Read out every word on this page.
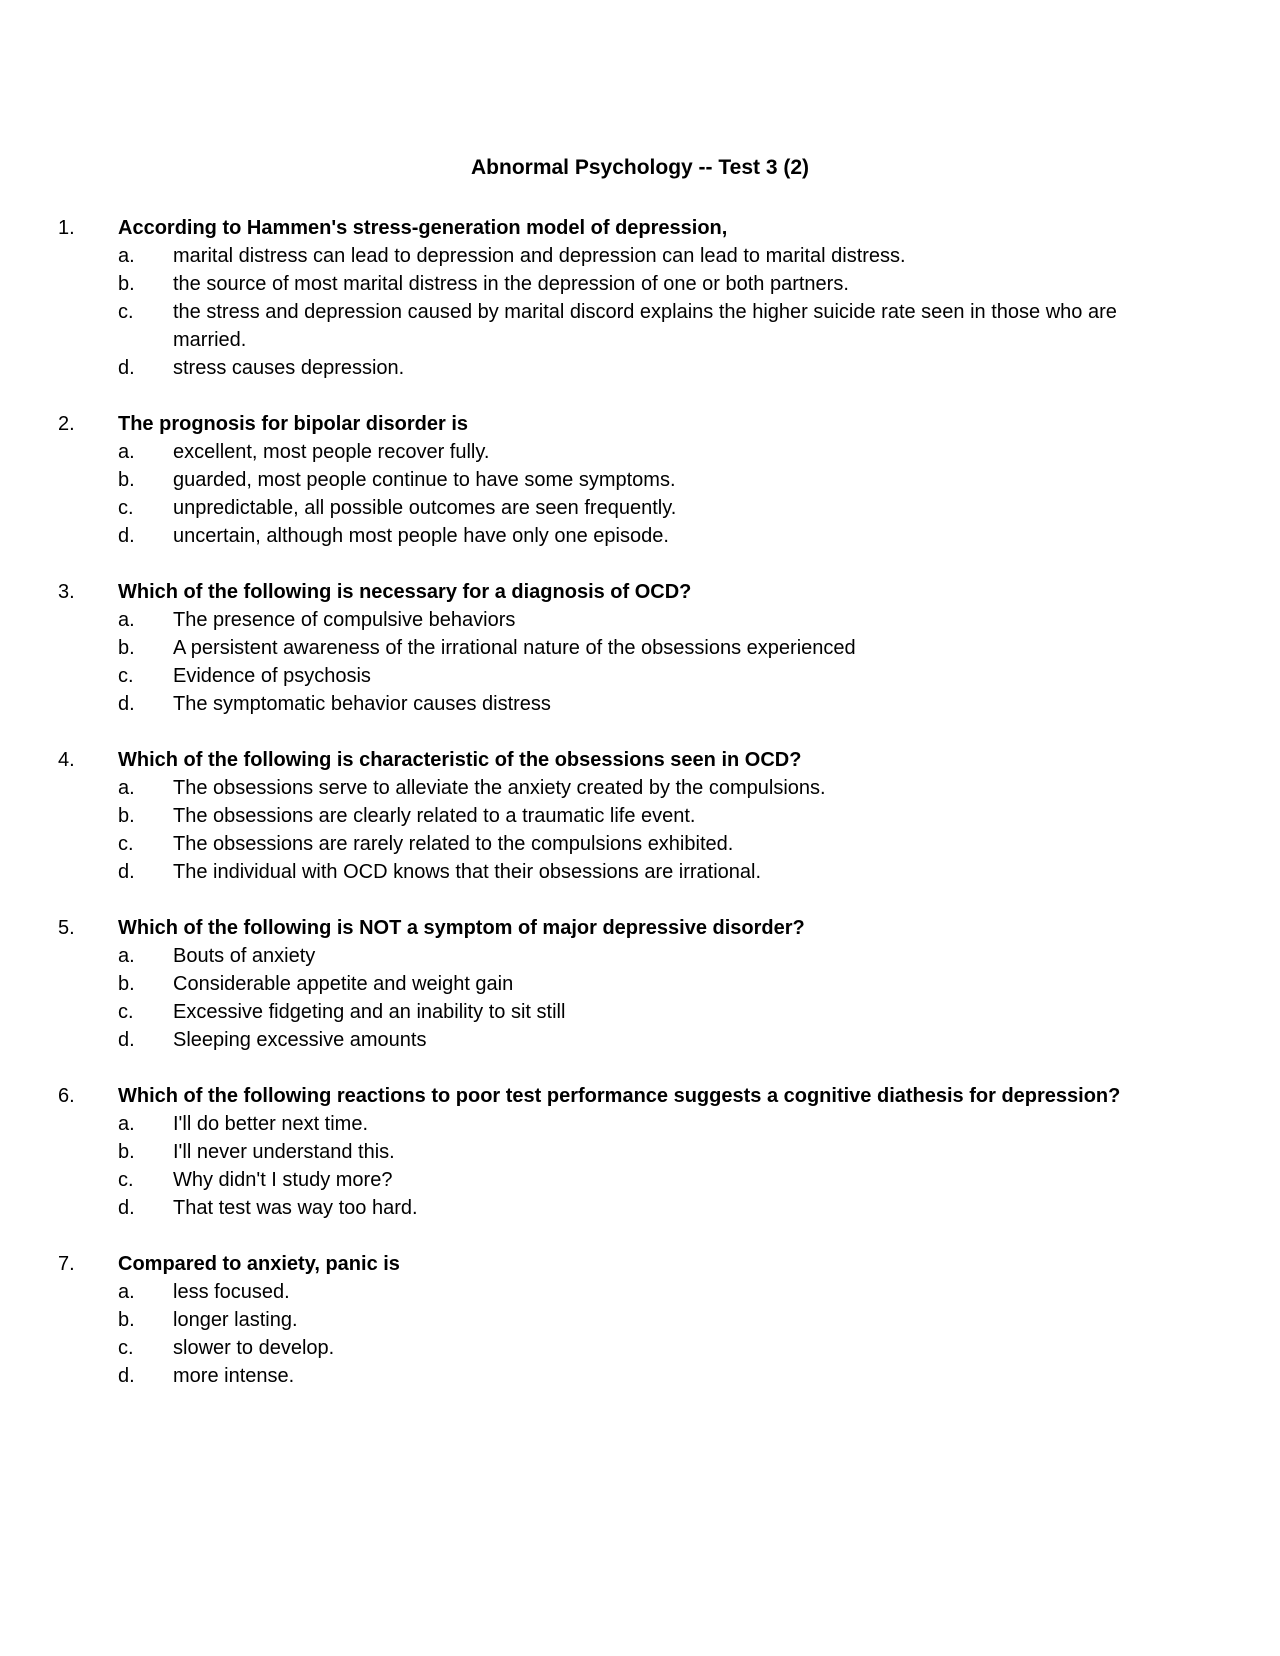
Abnormal Psychology -- Test 3 (2)
1. According to Hammen's stress-generation model of depression,
a. marital distress can lead to depression and depression can lead to marital distress.
b. the source of most marital distress in the depression of one or both partners.
c. the stress and depression caused by marital discord explains the higher suicide rate seen in those who are married.
d. stress causes depression.
2. The prognosis for bipolar disorder is
a. excellent, most people recover fully.
b. guarded, most people continue to have some symptoms.
c. unpredictable, all possible outcomes are seen frequently.
d. uncertain, although most people have only one episode.
3. Which of the following is necessary for a diagnosis of OCD?
a. The presence of compulsive behaviors
b. A persistent awareness of the irrational nature of the obsessions experienced
c. Evidence of psychosis
d. The symptomatic behavior causes distress
4. Which of the following is characteristic of the obsessions seen in OCD?
a. The obsessions serve to alleviate the anxiety created by the compulsions.
b. The obsessions are clearly related to a traumatic life event.
c. The obsessions are rarely related to the compulsions exhibited.
d. The individual with OCD knows that their obsessions are irrational.
5. Which of the following is NOT a symptom of major depressive disorder?
a. Bouts of anxiety
b. Considerable appetite and weight gain
c. Excessive fidgeting and an inability to sit still
d. Sleeping excessive amounts
6. Which of the following reactions to poor test performance suggests a cognitive diathesis for depression?
a. I'll do better next time.
b. I'll never understand this.
c. Why didn't I study more?
d. That test was way too hard.
7. Compared to anxiety, panic is
a. less focused.
b. longer lasting.
c. slower to develop.
d. more intense.
